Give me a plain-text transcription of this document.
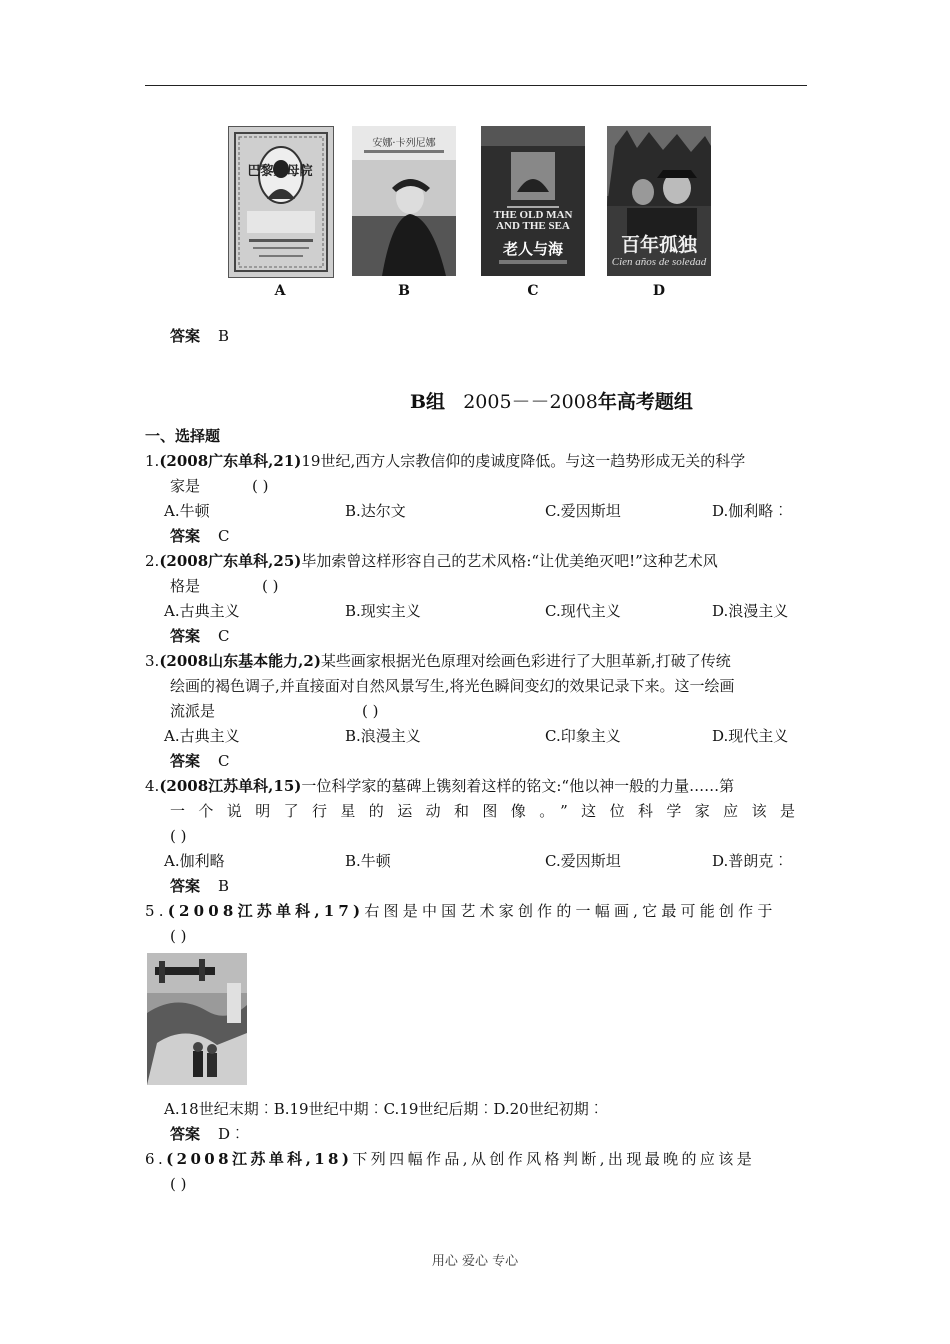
THE OLD MAN AND THE SEA
老人与海	百年孤独
Cien años de soledad
巴黎圣母院
安娜·卡列尼娜
A	B	C	D
答案 B
B组 2005－－2008年高考题组
一、选择题
1.(2008广东单科,21)19世纪,西方人宗教信仰的虔诚度降低。与这一趋势形成无关的科学
家是	( )
A.牛顿	B.达尔文	C.爱因斯坦	D.伽利略︰
答案 C
2.(2008广东单科,25)毕加索曾这样形容自己的艺术风格:“让优美绝灭吧!”这种艺术风
格是	( )
A.古典主义	B.现实主义	C.现代主义	D.浪漫主义
答案 C
3.(2008山东基本能力,2)某些画家根据光色原理对绘画色彩进行了大胆革新,打破了传统
绘画的褐色调子,并直接面对自然风景写生,将光色瞬间变幻的效果记录下来。这一绘画
流派是	( )
A.古典主义	B.浪漫主义	C.印象主义	D.现代主义
答案 C
4.(2008江苏单科,15)一位科学家的墓碑上镌刻着这样的铭文:“他以神一般的力量……第
一个说明了行星的运动和图像。”这位科学家应该是
( )
A.伽利略	B.牛顿	C.爱因斯坦	D.普朗克︰
答案 B
5.(2008江苏单科,17)右图是中国艺术家创作的一幅画,它最可能创作于
( )
A.18世纪末期︰B.19世纪中期︰C.19世纪后期︰D.20世纪初期︰
答案 D︰
6.(2008江苏单科,18)下列四幅作品,从创作风格判断,出现最晚的应该是
( )
用心 爱心 专心
